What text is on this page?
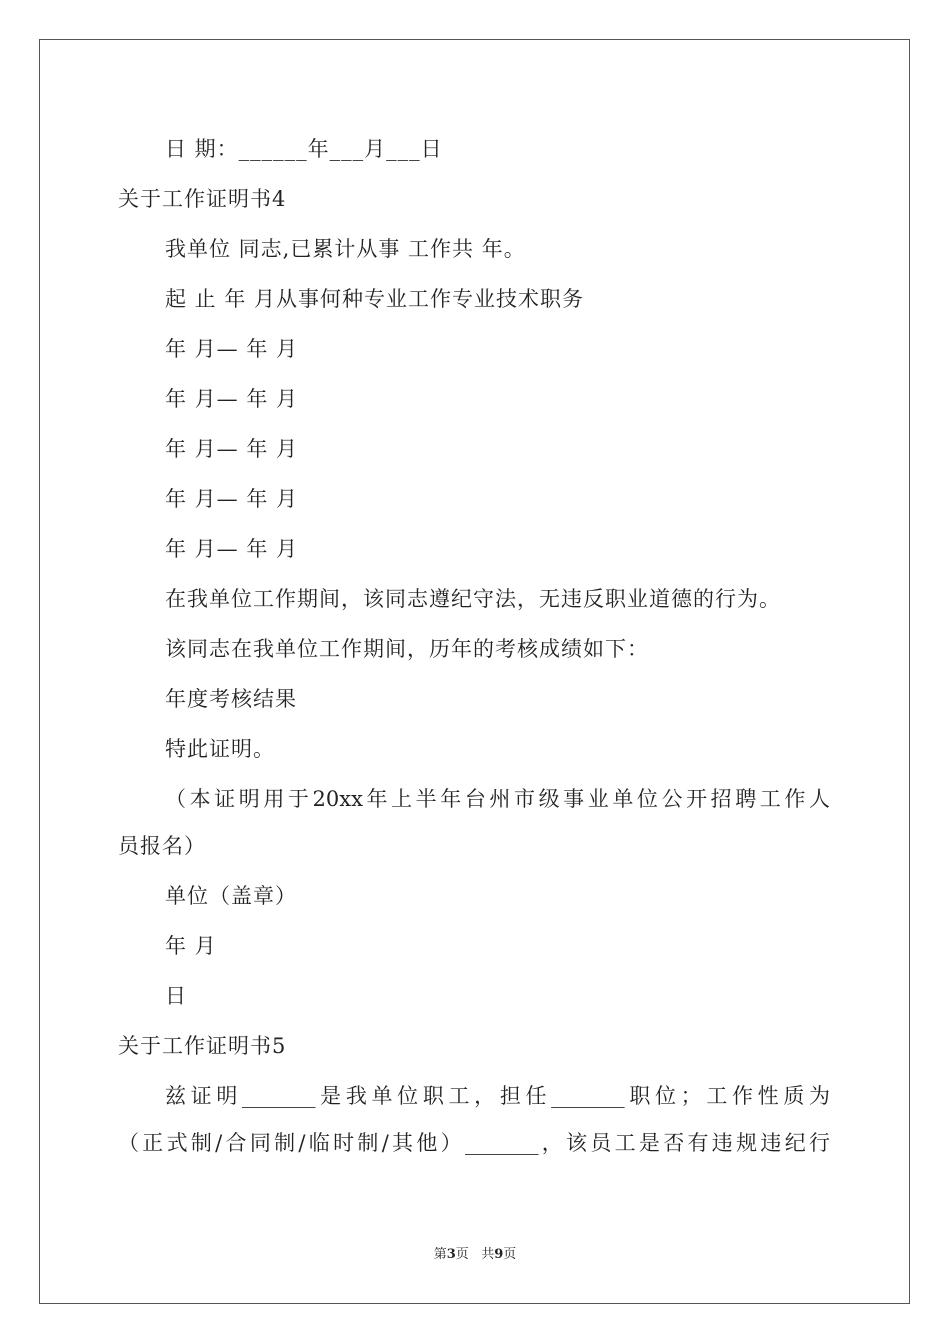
日 期：______年___月___日
关于工作证明书4
我单位 同志,已累计从事 工作共 年。
起 止 年 月从事何种专业工作专业技术职务
年 月— 年 月
年 月— 年 月
年 月— 年 月
年 月— 年 月
年 月— 年 月
在我单位工作期间，该同志遵纪守法，无违反职业道德的行为。
该同志在我单位工作期间，历年的考核成绩如下：
年度考核结果
特此证明。
（本证明用于20xx年上半年台州市级事业单位公开招聘工作人
员报名）
单位（盖章）
年 月
日
关于工作证明书5
兹证明_______是我单位职工，担任_______职位；工作性质为
（正式制/合同制/临时制/其他）_______，该员工是否有违规违纪行
第3页   共9页
